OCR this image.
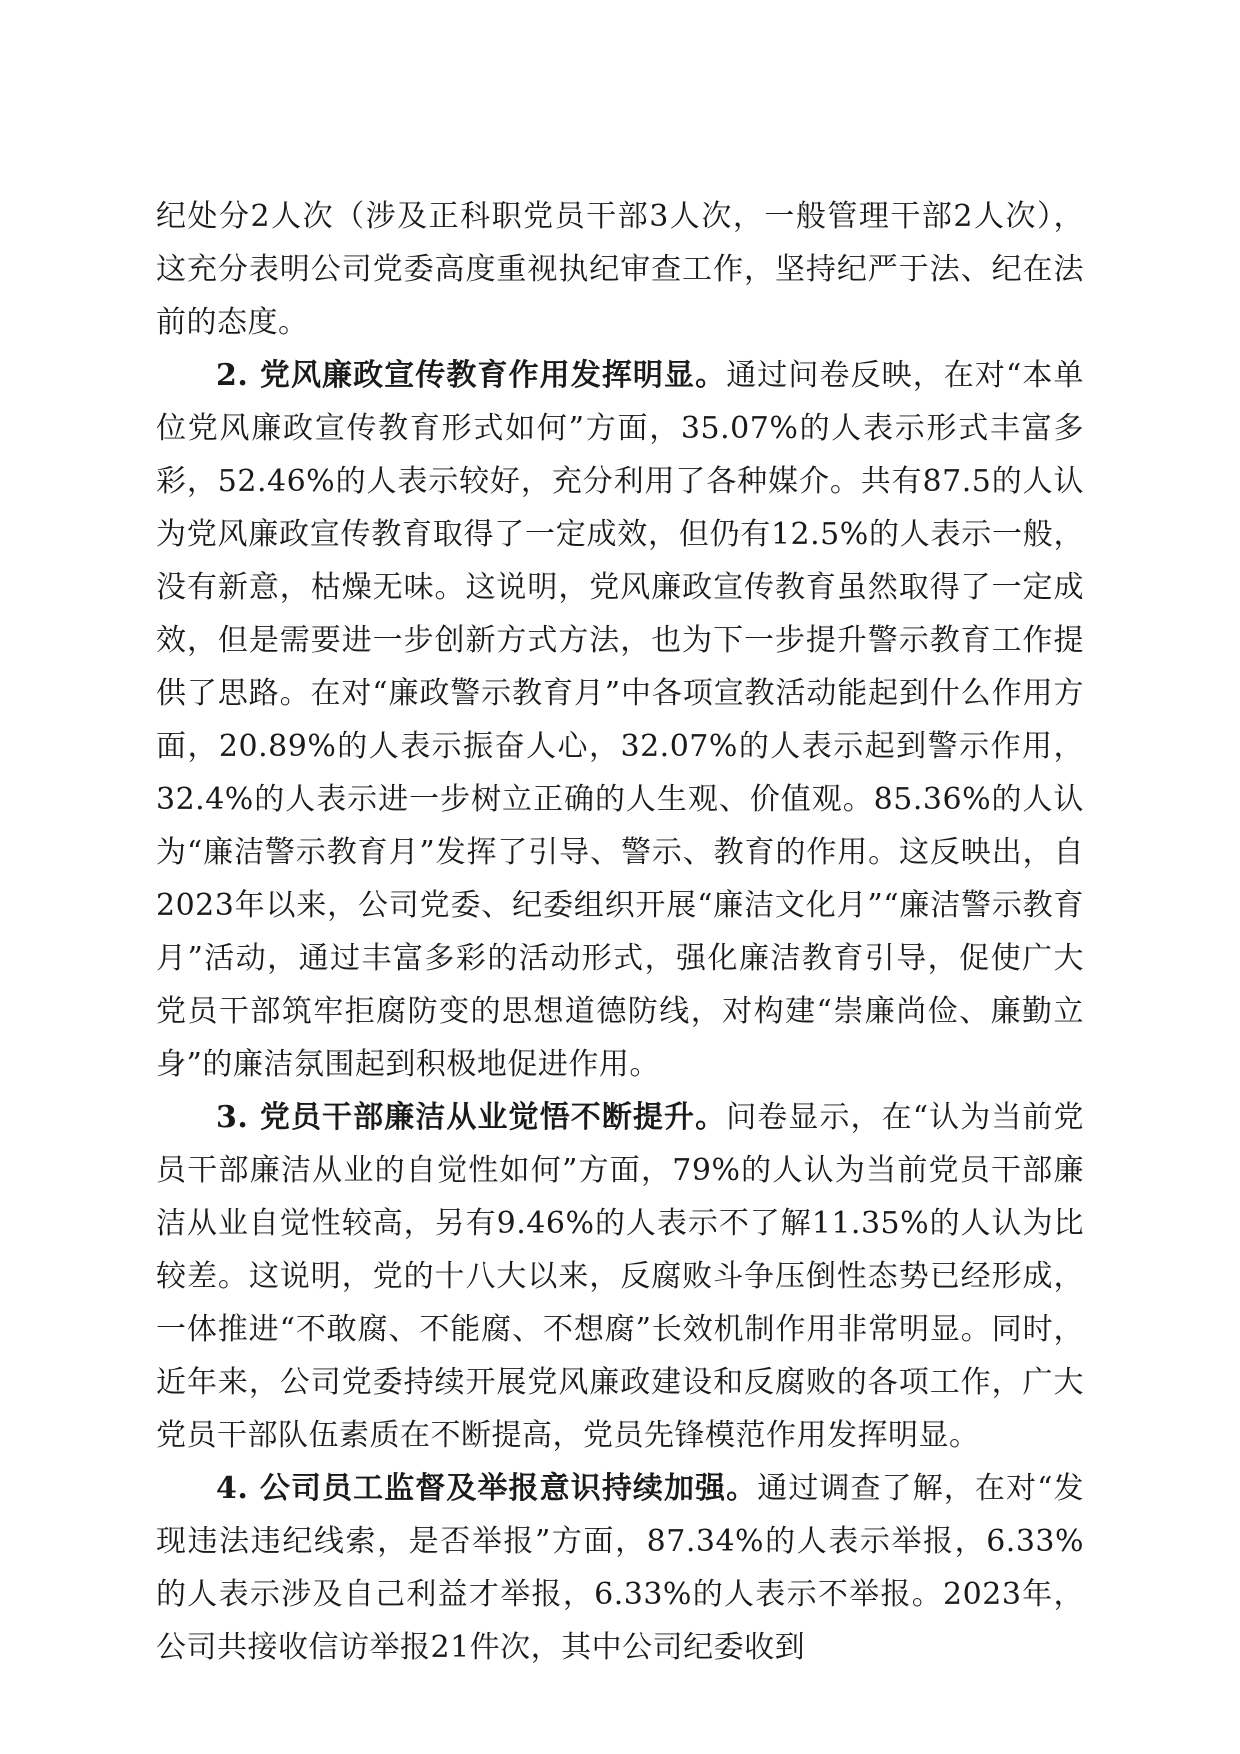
纪处分2人次（涉及正科职党员干部3人次，一般管理干部2人次），这充分表明公司党委高度重视执纪审查工作，坚持纪严于法、纪在法前的态度。

2. 党风廉政宣传教育作用发挥明显。通过问卷反映，在对“本单位党风廉政宣传教育形式如何”方面，35.07%的人表示形式丰富多彩，52.46%的人表示较好，充分利用了各种媒介。共有87.5的人认为党风廉政宣传教育取得了一定成效，但仍有12.5%的人表示一般，没有新意，枯燥无味。这说明，党风廉政宣传教育虽然取得了一定成效，但是需要进一步创新方式方法，也为下一步提升警示教育工作提供了思路。在对“廉政警示教育月”中各项宣教活动能起到什么作用方面，20.89%的人表示振奋人心，32.07%的人表示起到警示作用，32.4%的人表示进一步树立正确的人生观、价值观。85.36%的人认为“廉洁警示教育月”发挥了引导、警示、教育的作用。这反映出，自2023年以来，公司党委、纪委组织开展“廉洁文化月”“廉洁警示教育月”活动，通过丰富多彩的活动形式，强化廉洁教育引导，促使广大党员干部筑牢拒腐防变的思想道德防线，对构建“崇廉尚俭、廉勤立身”的廉洁氛围起到积极地促进作用。

3. 党员干部廉洁从业觉悟不断提升。问卷显示，在“认为当前党员干部廉洁从业的自觉性如何”方面，79%的人认为当前党员干部廉洁从业自觉性较高，另有9.46%的人表示不了解11.35%的人认为比较差。这说明，党的十八大以来，反腐败斗争压倒性态势已经形成，一体推进“不敢腐、不能腐、不想腐”长效机制作用非常明显。同时，近年来，公司党委持续开展党风廉政建设和反腐败的各项工作，广大党员干部队伍素质在不断提高，党员先锋模范作用发挥明显。

4. 公司员工监督及举报意识持续加强。通过调查了解，在对“发现违法违纪线索，是否举报”方面，87.34%的人表示举报，6.33%的人表示涉及自己利益才举报，6.33%的人表示不举报。2023年，公司共接收信访举报21件次，其中公司纪委收到
